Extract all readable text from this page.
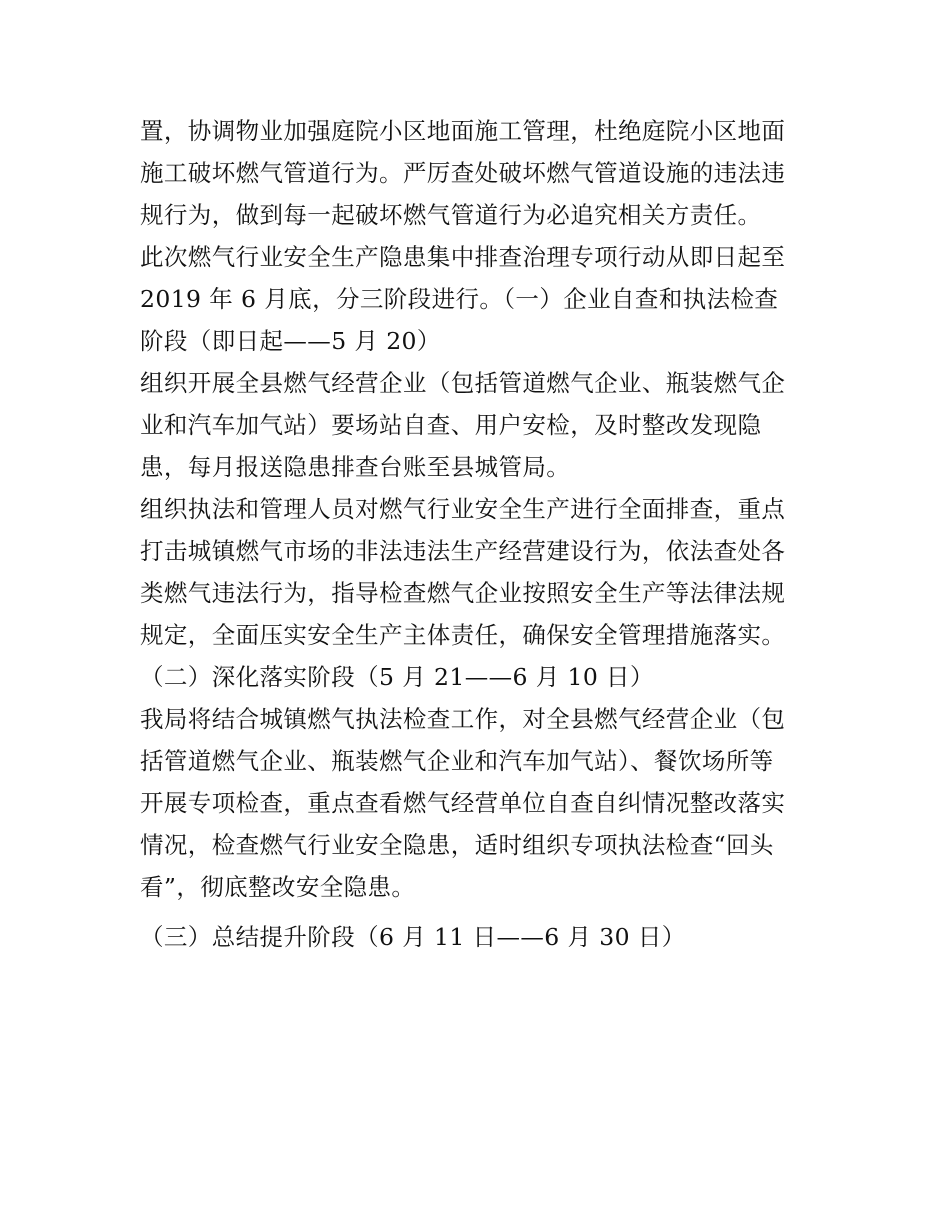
置，协调物业加强庭院小区地面施工管理，杜绝庭院小区地面
施工破坏燃气管道行为。严厉查处破坏燃气管道设施的违法违
规行为，做到每一起破坏燃气管道行为必追究相关方责任。
此次燃气行业安全生产隐患集中排查治理专项行动从即日起至
2019 年 6 月底，分三阶段进行。（一）企业自查和执法检查
阶段（即日起——5 月 20）
组织开展全县燃气经营企业（包括管道燃气企业、瓶装燃气企
业和汽车加气站）要场站自查、用户安检，及时整改发现隐
患，每月报送隐患排查台账至县城管局。
组织执法和管理人员对燃气行业安全生产进行全面排查，重点
打击城镇燃气市场的非法违法生产经营建设行为，依法查处各
类燃气违法行为，指导检查燃气企业按照安全生产等法律法规
规定，全面压实安全生产主体责任，确保安全管理措施落实。
（二）深化落实阶段（5 月 21——6 月 10 日）
我局将结合城镇燃气执法检查工作，对全县燃气经营企业（包
括管道燃气企业、瓶装燃气企业和汽车加气站）、餐饮场所等
开展专项检查，重点查看燃气经营单位自查自纠情况整改落实
情况，检查燃气行业安全隐患，适时组织专项执法检查“回头
看”，彻底整改安全隐患。
（三）总结提升阶段（6 月 11 日——6 月 30 日）
